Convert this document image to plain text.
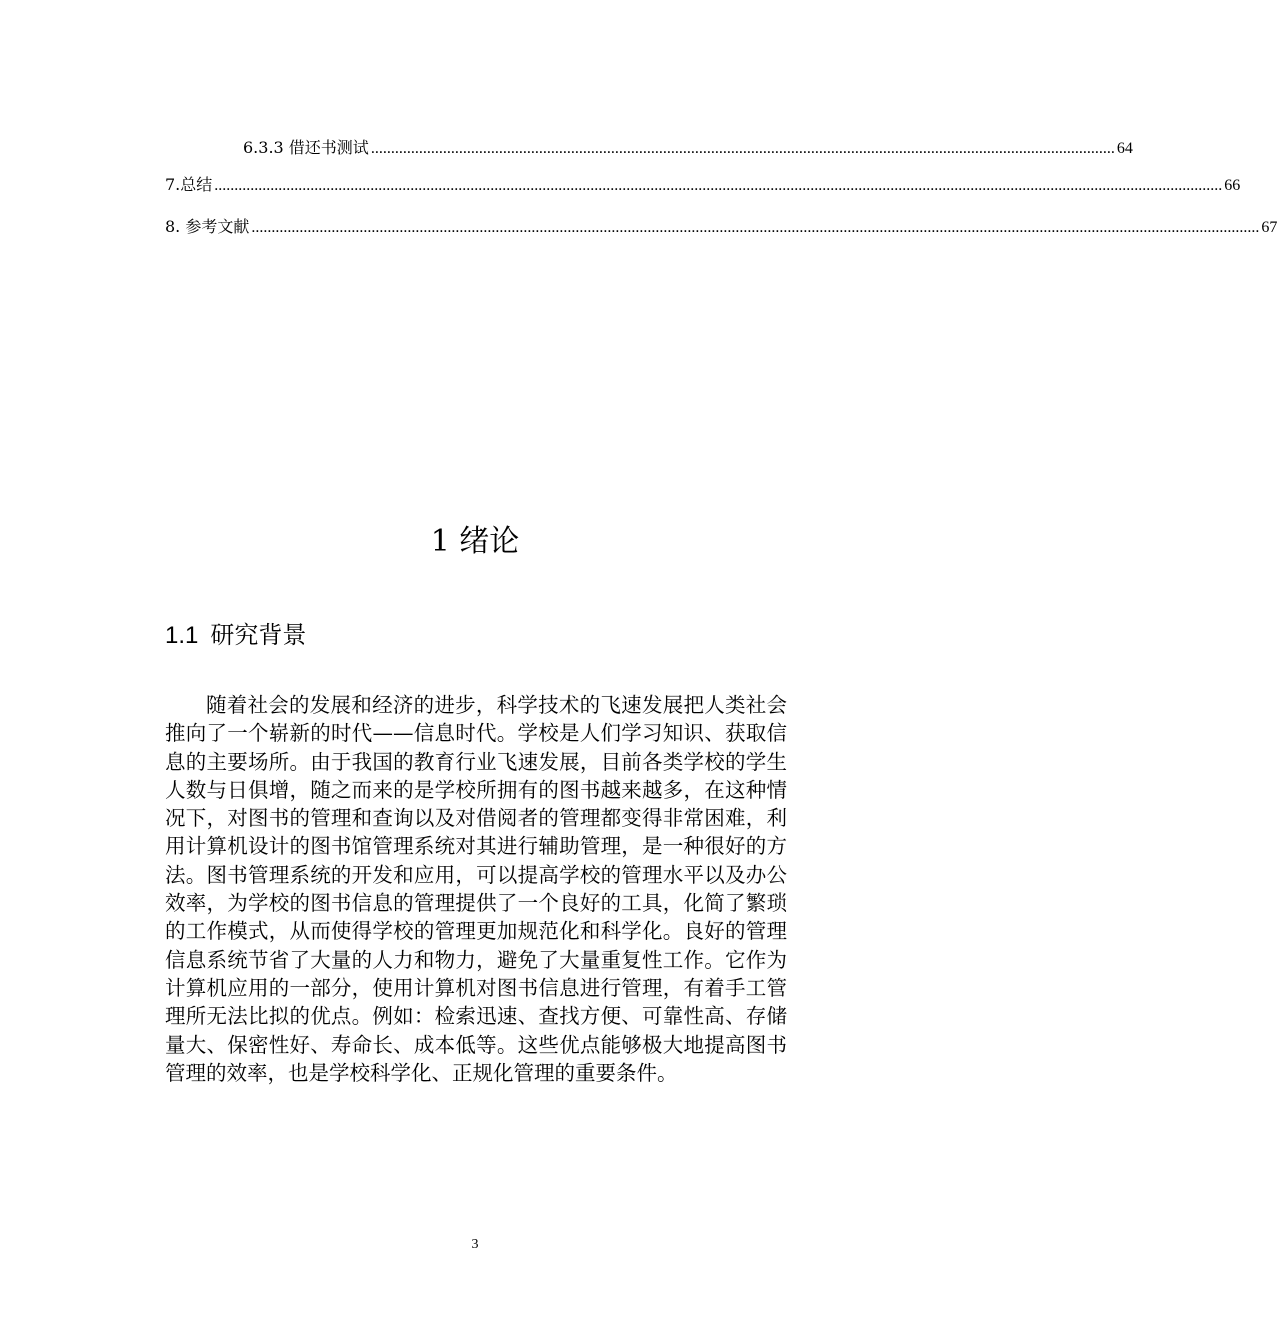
6.3.3 借还书测试 .......................................................................................................................................................................................... 64
7.总结 ............................................................................................................................................................................................................................................................ 66
8. 参考文献 ............................................................................................................................................................................................................................................................ 67
1 绪论
1.1 研究背景

随着社会的发展和经济的进步，科学技术的飞速发展把人类社会推向了一个崭新的时代——信息时代。学校是人们学习知识、获取信息的主要场所。由于我国的教育行业飞速发展，目前各类学校的学生人数与日俱增，随之而来的是学校所拥有的图书越来越多，在这种情况下，对图书的管理和查询以及对借阅者的管理都变得非常困难，利用计算机设计的图书馆管理系统对其进行辅助管理，是一种很好的方法。图书管理系统的开发和应用，可以提高学校的管理水平以及办公效率，为学校的图书信息的管理提供了一个良好的工具，化简了繁琐的工作模式，从而使得学校的管理更加规范化和科学化。良好的管理信息系统节省了大量的人力和物力，避免了大量重复性工作。它作为计算机应用的一部分，使用计算机对图书信息进行管理，有着手工管理所无法比拟的优点。例如：检索迅速、查找方便、可靠性高、存储量大、保密性好、寿命长、成本低等。这些优点能够极大地提高图书管理的效率，也是学校科学化、正规化管理的重要条件。

3
